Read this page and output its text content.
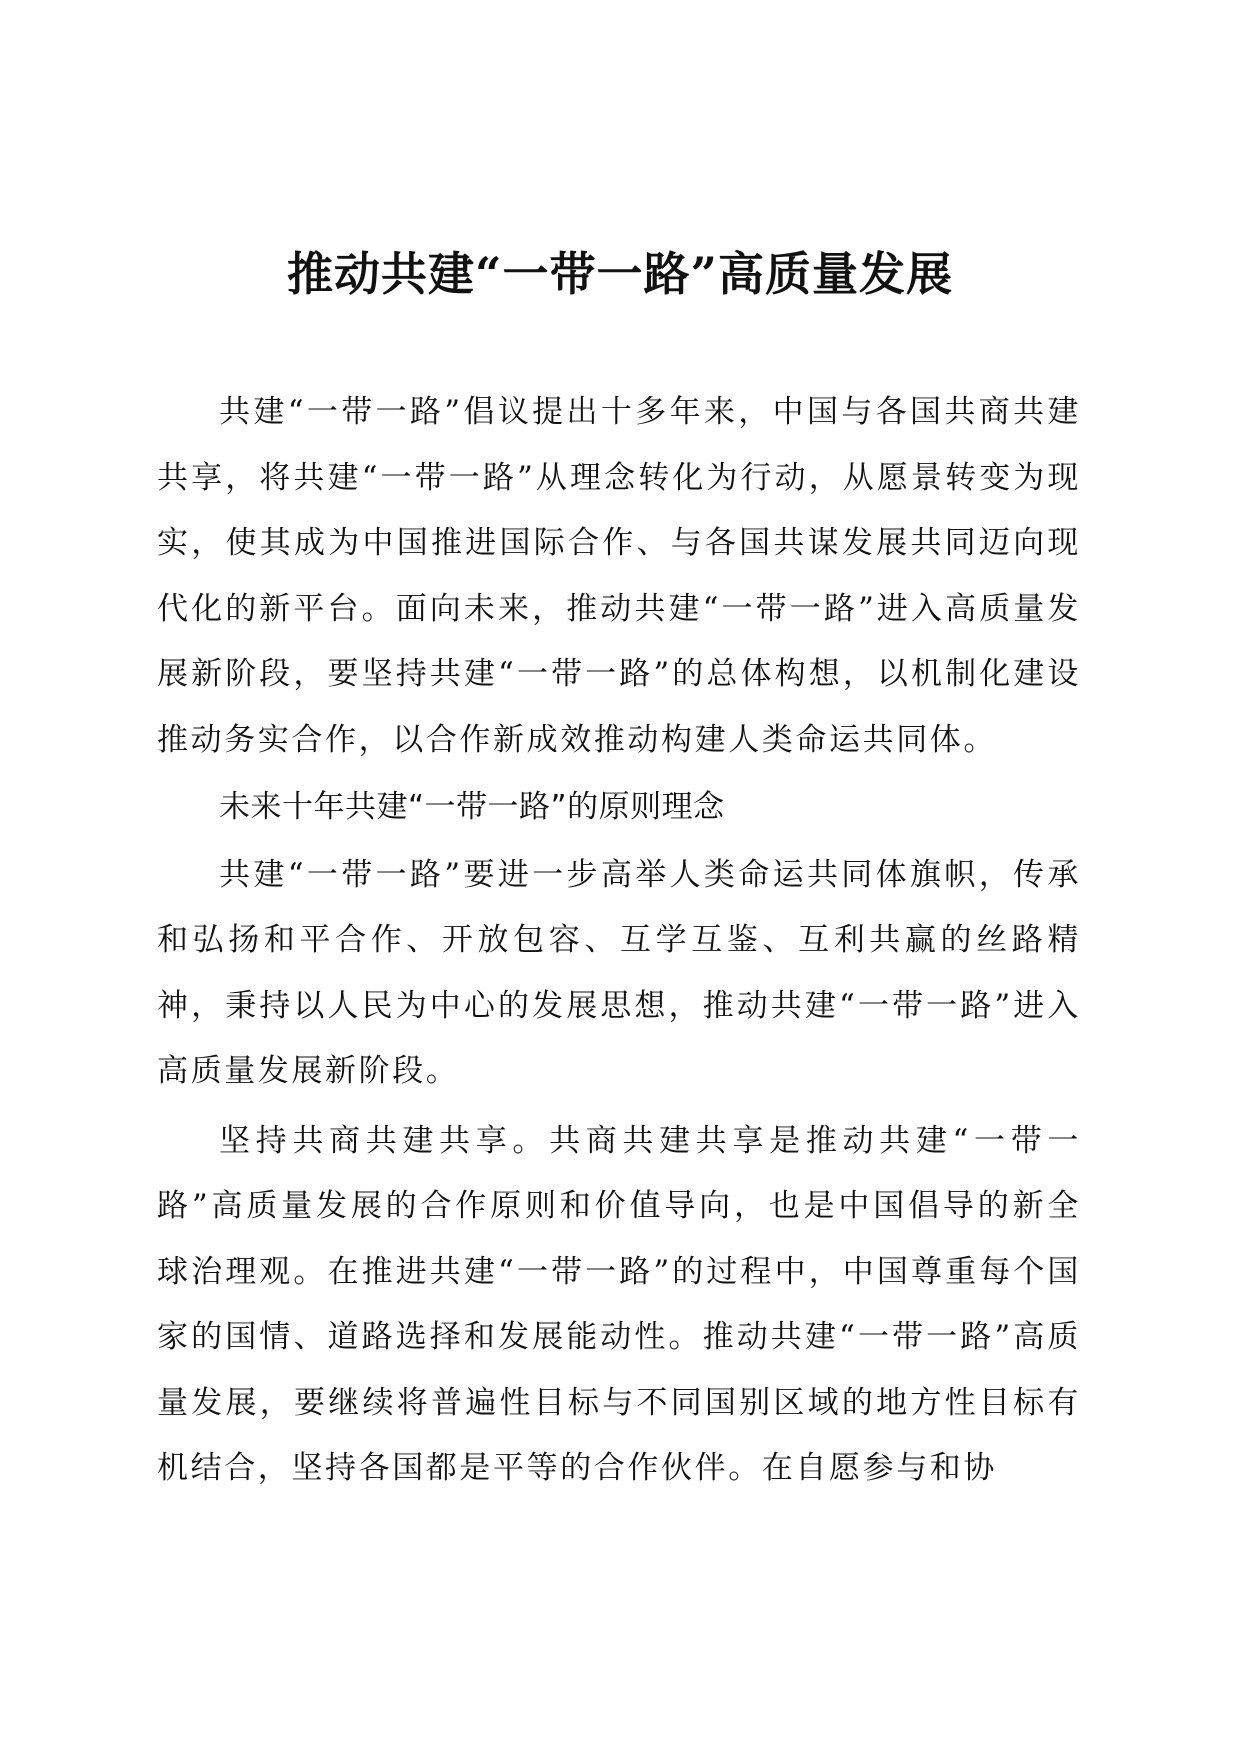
推动共建“一带一路”高质量发展

共建“一带一路”倡议提出十多年来，中国与各国共商共建共享，将共建“一带一路”从理念转化为行动，从愿景转变为现实，使其成为中国推进国际合作、与各国共谋发展共同迈向现代化的新平台。面向未来，推动共建“一带一路”进入高质量发展新阶段，要坚持共建“一带一路”的总体构想，以机制化建设推动务实合作，以合作新成效推动构建人类命运共同体。

未来十年共建“一带一路”的原则理念

共建“一带一路”要进一步高举人类命运共同体旗帜，传承和弘扬和平合作、开放包容、互学互鉴、互利共赢的丝路精神，秉持以人民为中心的发展思想，推动共建“一带一路”进入高质量发展新阶段。

坚持共商共建共享。共商共建共享是推动共建“一带一路”高质量发展的合作原则和价值导向，也是中国倡导的新全球治理观。在推进共建“一带一路”的过程中，中国尊重每个国家的国情、道路选择和发展能动性。推动共建“一带一路”高质量发展，要继续将普遍性目标与不同国别区域的地方性目标有机结合，坚持各国都是平等的合作伙伴。在自愿参与和协
